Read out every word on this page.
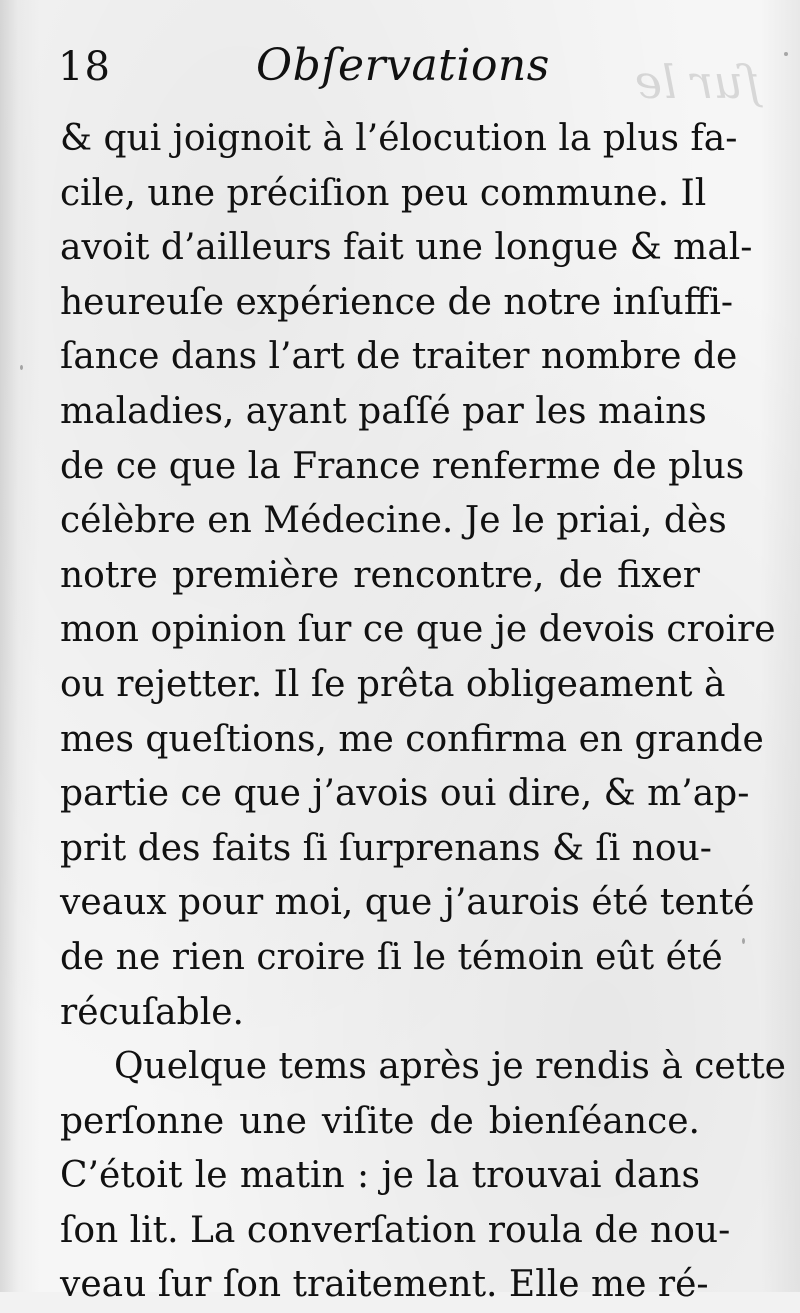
ſur le
18	Obſervations
& qui joignoit à l’élocution la plus fa-
cile, une préciſion peu commune. Il
avoit d’ailleurs fait une longue & mal-
heureuſe expérience de notre inſuffi-
ſance dans l’art de traiter nombre de
maladies, ayant paſſé par les mains
de ce que la France renferme de plus
célèbre en Médecine. Je le priai, dès
notre première rencontre, de fixer
mon opinion ſur ce que je devois croire
ou rejetter. Il ſe prêta obligeament à
mes queſtions, me confirma en grande
partie ce que j’avois oui dire, & m’ap-
prit des faits ſi ſurprenans & ſi nou-
veaux pour moi, que j’aurois été tenté
de ne rien croire ſi le témoin eût été
récuſable.
Quelque tems après je rendis à cette
perſonne une viſite de bienſéance.
C’étoit le matin : je la trouvai dans
ſon lit. La converſation roula de nou-
veau ſur ſon traitement. Elle me ré-
